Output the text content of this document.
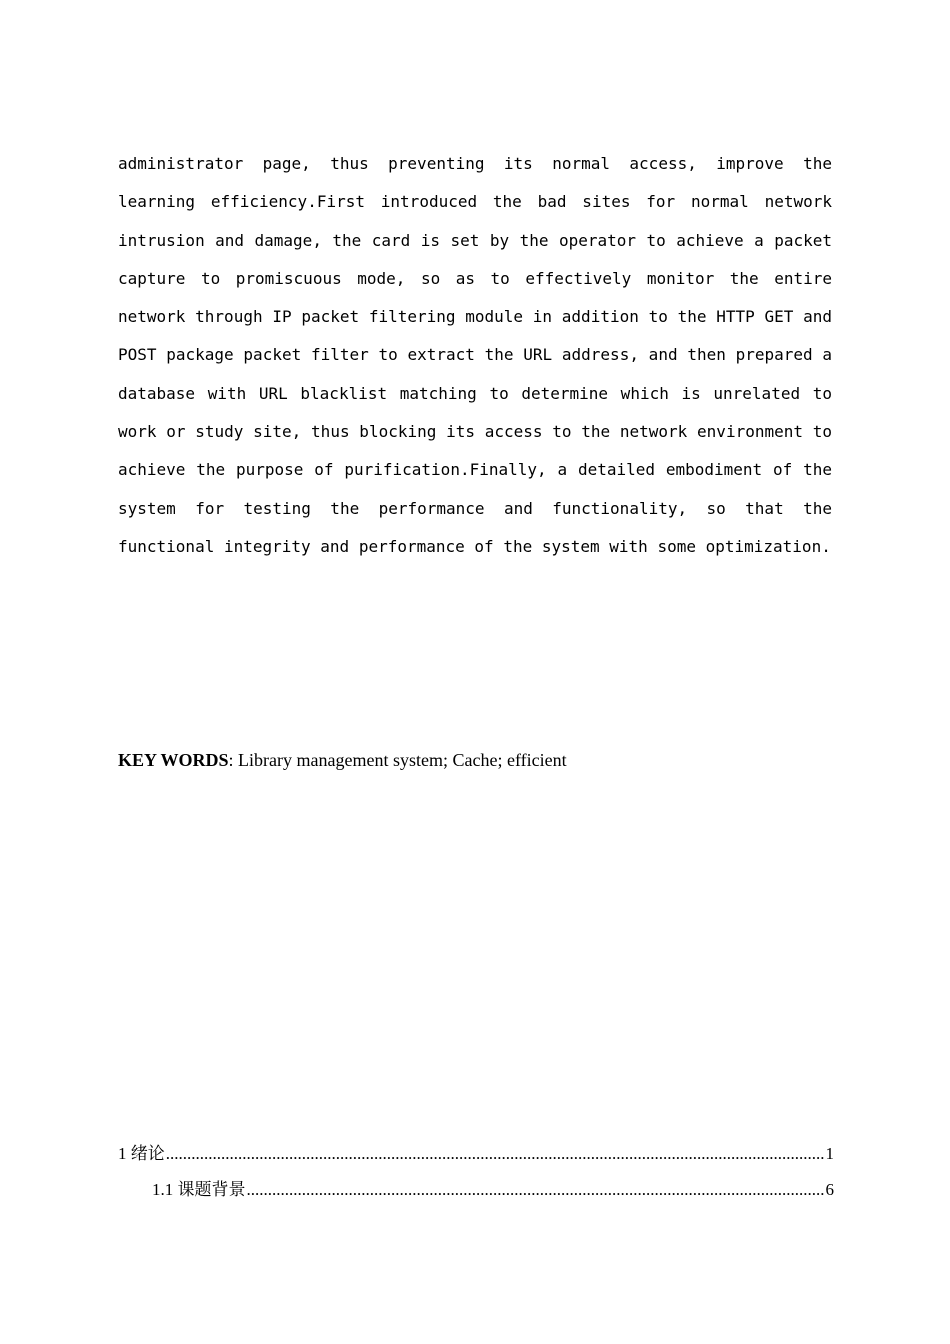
administrator page, thus preventing its normal access, improve the
learning efficiency.First introduced the bad sites for normal network
intrusion and damage, the card is set by the operator to achieve a packet
capture to promiscuous mode, so as to effectively monitor the entire
network through IP packet filtering module in addition to the HTTP GET and
POST package packet filter to extract the URL address, and then prepared a
database with URL blacklist matching to determine which is unrelated to
work or study site, thus blocking its access to the network environment to
achieve the purpose of purification.Finally, a detailed embodiment of the
system for testing the performance and functionality, so that the
functional integrity and performance of the system with some optimization.

KEY WORDS: Library management system; Cache; efficient

1 绪论 .....	1
1.1 课题背景 .....	6
